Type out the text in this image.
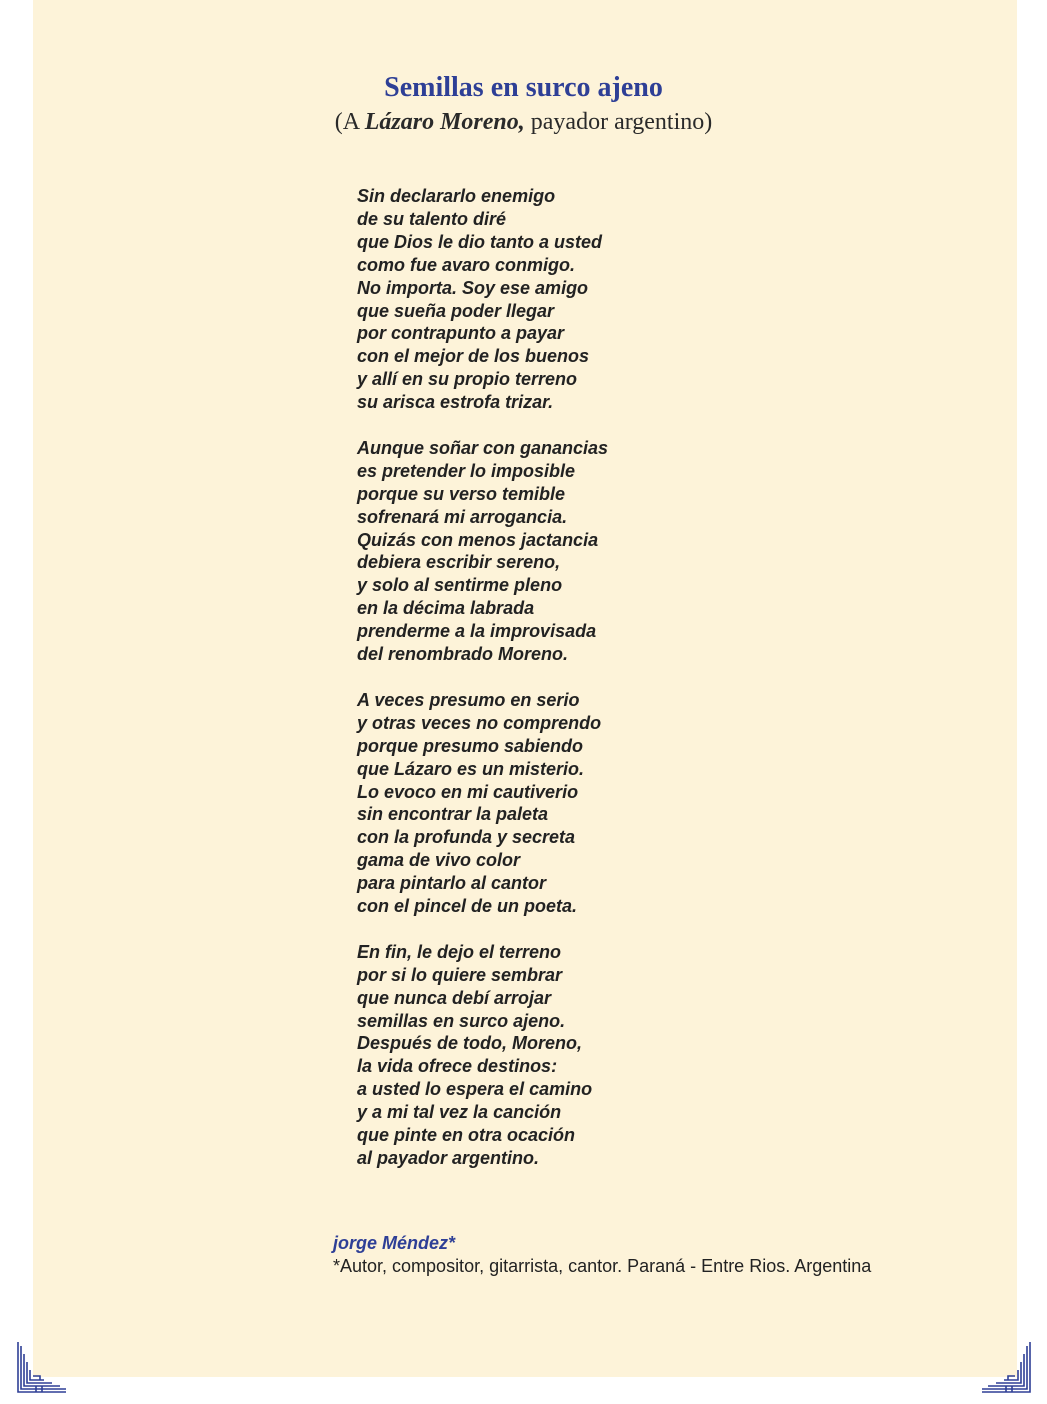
Semillas en surco ajeno
(A Lázaro Moreno, payador argentino)
Sin declararlo enemigo
de su talento diré
que Dios le dio tanto a usted
como fue avaro conmigo.
No importa. Soy ese amigo
que sueña poder llegar
por contrapunto a payar
con el mejor de los buenos
y allí en su propio terreno
su arisca estrofa trizar.
Aunque soñar con ganancias
es pretender lo imposible
porque su verso temible
sofrenará mi arrogancia.
Quizás con menos jactancia
debiera escribir sereno,
y solo al sentirme pleno
en la décima labrada
prenderme a la improvisada
del renombrado Moreno.
A veces presumo en serio
y otras veces no comprendo
porque presumo sabiendo
que Lázaro es un misterio.
Lo evoco en mi cautiverio
sin encontrar la paleta
con la profunda y secreta
gama de vivo color
para pintarlo al cantor
con el pincel de un poeta.
En fin, le dejo el terreno
por si lo quiere sembrar
que nunca debí arrojar
semillas en surco ajeno.
Después de todo, Moreno,
la vida ofrece destinos:
a usted lo espera el camino
y a mi tal vez la canción
que pinte en otra ocación
al payador argentino.
jorge Méndez*
*Autor, compositor, gitarrista, cantor. Paraná - Entre Rios. Argentina
